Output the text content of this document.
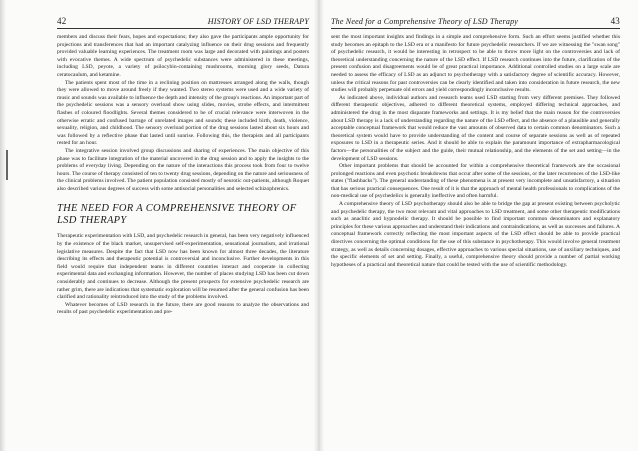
42	HISTORY OF LSD THERAPY

members and discuss their fears, hopes and expectations; they also gave the participants ample opportunity for projections and transferences that had an important catalyzing influence on their drug sessions and frequently provided valuable learning experiences. The treatment room was large and decorated with paintings and posters with evocative themes. A wide spectrum of psychedelic substances were administered in these meetings, including LSD, peyote, a variety of psilocybin-containing mushrooms, morning glory seeds, Datura ceratocaulum, and ketamine.

The patients spent most of the time in a reclining position on mattresses arranged along the walls, though they were allowed to move around freely if they wanted. Two stereo systems were used and a wide variety of music and sounds was available to influence the depth and intensity of the group's reactions. An important part of the psychedelic sessions was a sensory overload show using slides, movies, strobe effects, and intermittent flashes of coloured floodlights. Several themes considered to be of crucial relevance were interwoven in the otherwise erratic and confused barrage of unrelated images and sounds; these included birth, death, violence, sexuality, religion, and childhood. The sensory overload portion of the drug sessions lasted about six hours and was followed by a reflective phase that lasted until sunrise. Following this, the therapists and all participants rested for an hour.

The integrative session involved group discussions and sharing of experiences. The main objective of this phase was to facilitate integration of the material uncovered in the drug session and to apply the insights to the problems of everyday living. Depending on the nature of the interactions this process took from four to twelve hours. The course of therapy consisted of ten to twenty drug sessions, depending on the nature and seriousness of the clinical problems involved. The patient population consisted mostly of neurotic out-patients, although Roquet also described various degrees of success with some antisocial personalities and selected schizophrenics.

THE NEED FOR A COMPREHENSIVE THEORY OF LSD THERAPY

Therapeutic experimentation with LSD, and psychedelic research in general, has been very negatively influenced by the existence of the black market, unsupervised self-experimentation, sensational journalism, and irrational legislative measures. Despite the fact that LSD now has been known for almost three decades, the literature describing its effects and therapeutic potential is controversial and inconclusive. Further developments in this field would require that independent teams in different countries interact and cooperate in collecting experimental data and exchanging information. However, the number of places studying LSD has been cut down considerably and continues to decrease. Although the present prospects for extensive psychedelic research are rather grim, there are indications that systematic exploration will be resumed after the general confusion has been clarified and rationality reintroduced into the study of the problems involved.

Whatever becomes of LSD research in the future, there are good reasons to analyze the observations and results of past psychedelic experimentation and pre-

The Need for a Comprehensive Theory of LSD Therapy	43

sent the most important insights and findings in a simple and comprehensive form. Such an effort seems justified whether this study becomes an epitaph to the LSD era or a manifesto for future psychedelic researchers. If we are witnessing the "swan song" of psychedelic research, it would be interesting in retrospect to be able to throw more light on the controversies and lack of theoretical understanding concerning the nature of the LSD effect. If LSD research continues into the future, clarification of the present confusion and disagreements would be of great practical importance. Additional controlled studies on a large scale are needed to assess the efficacy of LSD as an adjunct to psychotherapy with a satisfactory degree of scientific accuracy. However, unless the critical reasons for past controversies can be clearly identified and taken into consideration in future research, the new studies will probably perpetuate old errors and yield correspondingly inconclusive results.

As indicated above, individual authors and research teams used LSD starting from very different premises. They followed different therapeutic objectives, adhered to different theoretical systems, employed differing technical approaches, and administered the drug in the most disparate frameworks and settings. It is my belief that the main reason for the controversies about LSD therapy is a lack of understanding regarding the nature of the LSD effect, and the absence of a plausible and generally acceptable conceptual framework that would reduce the vast amounts of observed data to certain common denominators. Such a theoretical system would have to provide understanding of the content and course of separate sessions as well as of repeated exposures to LSD in a therapeutic series. And it should be able to explain the paramount importance of extrapharmacological factors—the personalities of the subject and the guide, their mutual relationship, and the elements of the set and setting—in the development of LSD sessions.

Other important problems that should be accounted for within a comprehensive theoretical framework are the occasional prolonged reactions and even psychotic breakdowns that occur after some of the sessions, or the later recurrences of the LSD-like states ("flashbacks"). The general understanding of these phenomena is at present very incomplete and unsatisfactory, a situation that has serious practical consequences. One result of it is that the approach of mental health professionals to complications of the non-medical use of psychedelics is generally ineffective and often harmful.

A comprehensive theory of LSD psychotherapy should also be able to bridge the gap at present existing between psycholytic and psychedelic therapy, the two most relevant and vital approaches to LSD treatment, and some other therapeutic modifications such as anaclitic and hypnodelic therapy. It should be possible to find important common denominators and explanatory principles for these various approaches and understand their indications and contraindications, as well as successes and failures. A conceptual framework correctly reflecting the most important aspects of the LSD effect should be able to provide practical directives concerning the optimal conditions for the use of this substance in psychotherapy. This would involve general treatment strategy, as well as details concerning dosages, effective approaches to various special situations, use of auxiliary techniques, and the specific elements of set and setting. Finally, a useful, comprehensive theory should provide a number of partial working hypotheses of a practical and theoretical nature that could be tested with the use of scientific methodology.
